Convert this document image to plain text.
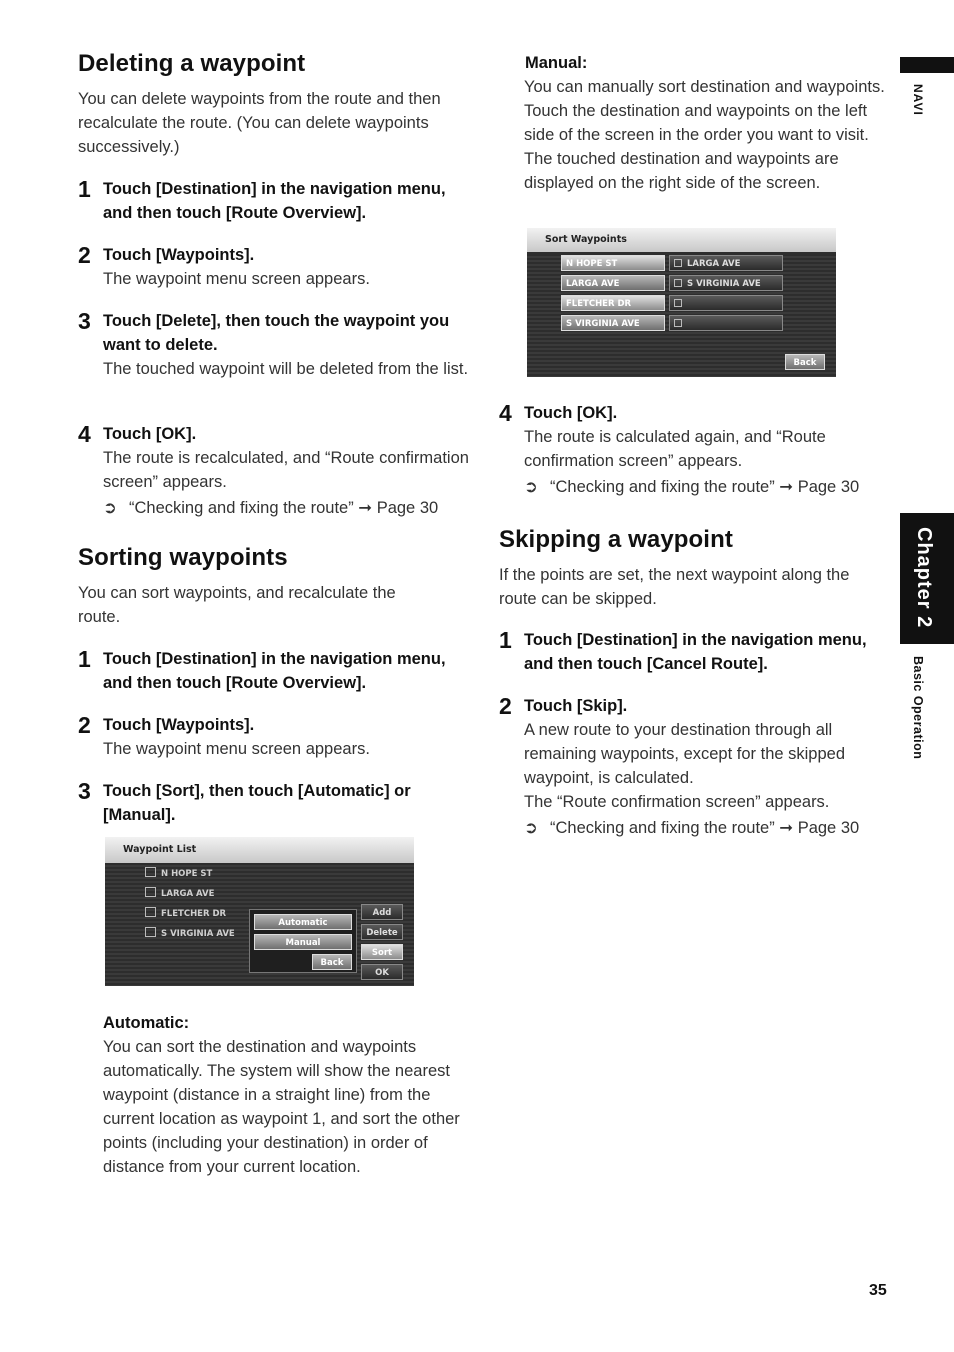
Deleting a waypoint
You can delete waypoints from the route and then recalculate the route. (You can delete waypoints successively.)
1 Touch [Destination] in the navigation menu, and then touch [Route Overview].
2 Touch [Waypoints].
The waypoint menu screen appears.
3 Touch [Delete], then touch the waypoint you want to delete.
The touched waypoint will be deleted from the list.
4 Touch [OK].
The route is recalculated, and “Route confirmation screen” appears.
➲ “Checking and fixing the route” ➞ Page 30
Sorting waypoints
You can sort waypoints, and recalculate the route.
1 Touch [Destination] in the navigation menu, and then touch [Route Overview].
2 Touch [Waypoints].
The waypoint menu screen appears.
3 Touch [Sort], then touch [Automatic] or [Manual].
Waypoint List
N HOPE ST
LARGA AVE
FLETCHER DR
S VIRGINIA AVE
Add
Delete
Sort
OK
Automatic
Manual
Back
Automatic:
You can sort the destination and waypoints automatically. The system will show the nearest waypoint (distance in a straight line) from the current location as waypoint 1, and sort the other points (including your destination) in order of distance from your current location.
Manual:
You can manually sort destination and waypoints. Touch the destination and waypoints on the left side of the screen in the order you want to visit. The touched destination and waypoints are displayed on the right side of the screen.
4 Touch [OK].
The route is calculated again, and “Route confirmation screen” appears.
➲ “Checking and fixing the route” ➞ Page 30
Skipping a waypoint
If the points are set, the next waypoint along the route can be skipped.
1 Touch [Destination] in the navigation menu, and then touch [Cancel Route].
2 Touch [Skip].
A new route to your destination through all remaining waypoints, except for the skipped waypoint, is calculated.
The “Route confirmation screen” appears.
➲ “Checking and fixing the route” ➞ Page 30
Sort Waypoints
N HOPE ST
LARGA AVE
FLETCHER DR
S VIRGINIA AVE
LARGA AVE
S VIRGINIA AVE
Back
NAVI
Chapter 2
Basic Operation
35
